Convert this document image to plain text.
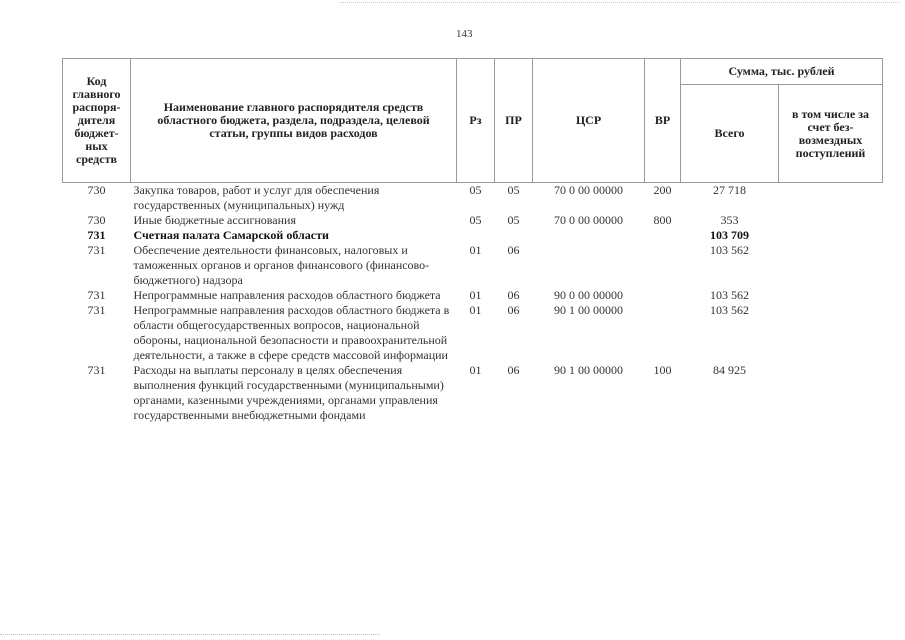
143
Код главного распоря-дителя бюджет-ных средств	Наименование главного распорядителя средств областного бюджета, раздела, подраздела, целевой статьи, группы видов расходов	Рз	ПР	ЦСР	ВР	Сумма, тыс. рублей	
						Всего	в том числе за счет без-возмездных поступлений
730	Закупка товаров, работ и услуг для обеспечения государственных (муниципальных) нужд	05	05	70 0 00 00000	200	27 718	
730	Иные бюджетные ассигнования	05	05	70 0 00 00000	800	353	
731	Счетная палата Самарской области					103 709	
731	Обеспечение деятельности финансовых, налоговых и таможенных органов и органов финансового (финансово-бюджетного) надзора	01	06			103 562	
731	Непрограммные направления расходов областного бюджета	01	06	90 0 00 00000		103 562	
731	Непрограммные направления расходов областного бюджета в области общегосударственных вопросов, национальной обороны, национальной безопасности и правоохранительной деятельности, а также в сфере средств массовой информации	01	06	90 1 00 00000		103 562	
731	Расходы на выплаты персоналу в целях обеспечения выполнения функций государственными (муниципальными) органами, казенными учреждениями, органами управления государственными внебюджетными фондами	01	06	90 1 00 00000	100	84 925	
